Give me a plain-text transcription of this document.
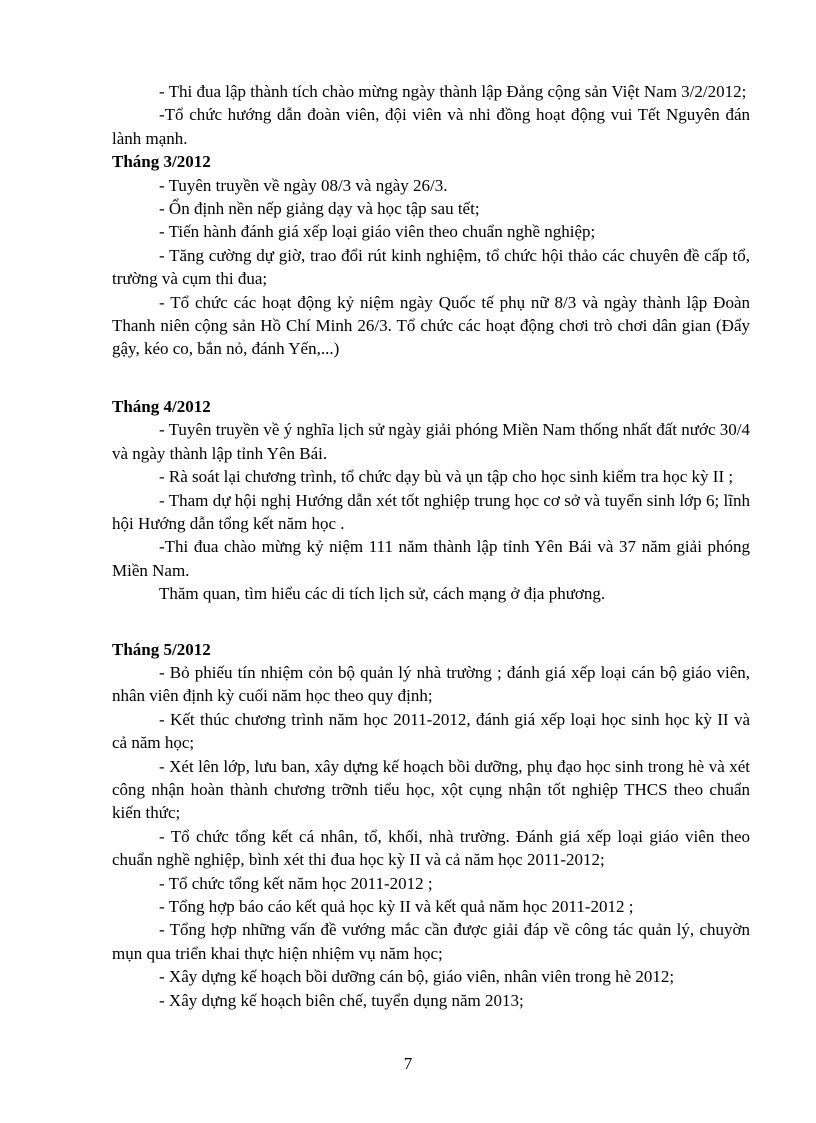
- Thi đua lập thành tích chào mừng ngày thành lập Đảng cộng sản Việt Nam 3/2/2012;

-Tổ chức hướng dẫn đoàn viên, đội viên và nhi đồng hoạt động vui Tết Nguyên đán lành mạnh.

Tháng 3/2012

- Tuyên truyền về ngày 08/3 và ngày 26/3.

- Ổn định nền nếp giảng dạy và học tập sau tết;

- Tiến hành đánh giá xếp loại giáo viên theo chuẩn nghề nghiệp;

- Tăng cường dự giờ, trao đổi rút kinh nghiệm, tổ chức hội thảo các chuyên đề cấp tổ, trường và cụm thi đua;

- Tổ chức các hoạt động kỷ niệm ngày Quốc tế phụ nữ 8/3 và ngày thành lập Đoàn Thanh niên cộng sản Hồ Chí Minh 26/3. Tổ chức các hoạt động chơi trò chơi dân gian (Đẩy gậy, kéo co, bắn nỏ, đánh Yến,...)

Tháng 4/2012

- Tuyên truyền về ý nghĩa lịch sử ngày giải phóng Miền Nam thống nhất đất nước 30/4 và ngày thành lập tỉnh Yên Bái.

- Rà soát lại chương trình, tổ chức dạy bù và ụn tập cho học sinh kiểm tra học kỳ II ;

- Tham dự hội nghị Hướng dẫn xét tốt nghiệp trung học cơ sở và tuyển sinh lớp 6; lĩnh hội Hướng dẫn tổng kết năm học .

-Thi đua chào mừng kỷ niệm 111 năm thành lập tỉnh Yên Bái và 37 năm giải phóng Miền Nam.

Thăm quan, tìm hiểu các di tích lịch sử, cách mạng ở địa phương.

Tháng 5/2012

- Bỏ phiếu tín nhiệm cỏn bộ quản lý nhà trường ; đánh giá xếp loại cán bộ giáo viên, nhân viên định kỳ cuối năm học theo quy định;

- Kết thúc chương trình năm học 2011-2012, đánh giá xếp loại học sinh học kỳ II và cả năm học;

- Xét lên lớp, lưu ban, xây dựng kế hoạch bồi dưỡng, phụ đạo học sinh trong hè và xét công nhận hoàn thành chương trỡnh tiểu học, xột cụng nhận tốt nghiệp THCS theo chuẩn kiến thức;

- Tổ chức tổng kết cá nhân, tổ, khối, nhà trường. Đánh giá xếp loại giáo viên theo chuẩn nghề nghiệp, bình xét thi đua học kỳ II và cả năm học 2011-2012;

- Tổ chức tổng kết năm học 2011-2012 ;

- Tổng hợp báo cáo kết quả học kỳ II và kết quả năm học 2011-2012 ;

- Tổng hợp những vấn đề vướng mắc cần được giải đáp về công tác quản lý, chuyờn mụn qua triển khai thực hiện nhiệm vụ năm học;

- Xây dựng kế hoạch bồi dưỡng cán bộ, giáo viên, nhân viên trong hè 2012;

- Xây dựng kế hoạch biên chế, tuyển dụng năm 2013;

7
